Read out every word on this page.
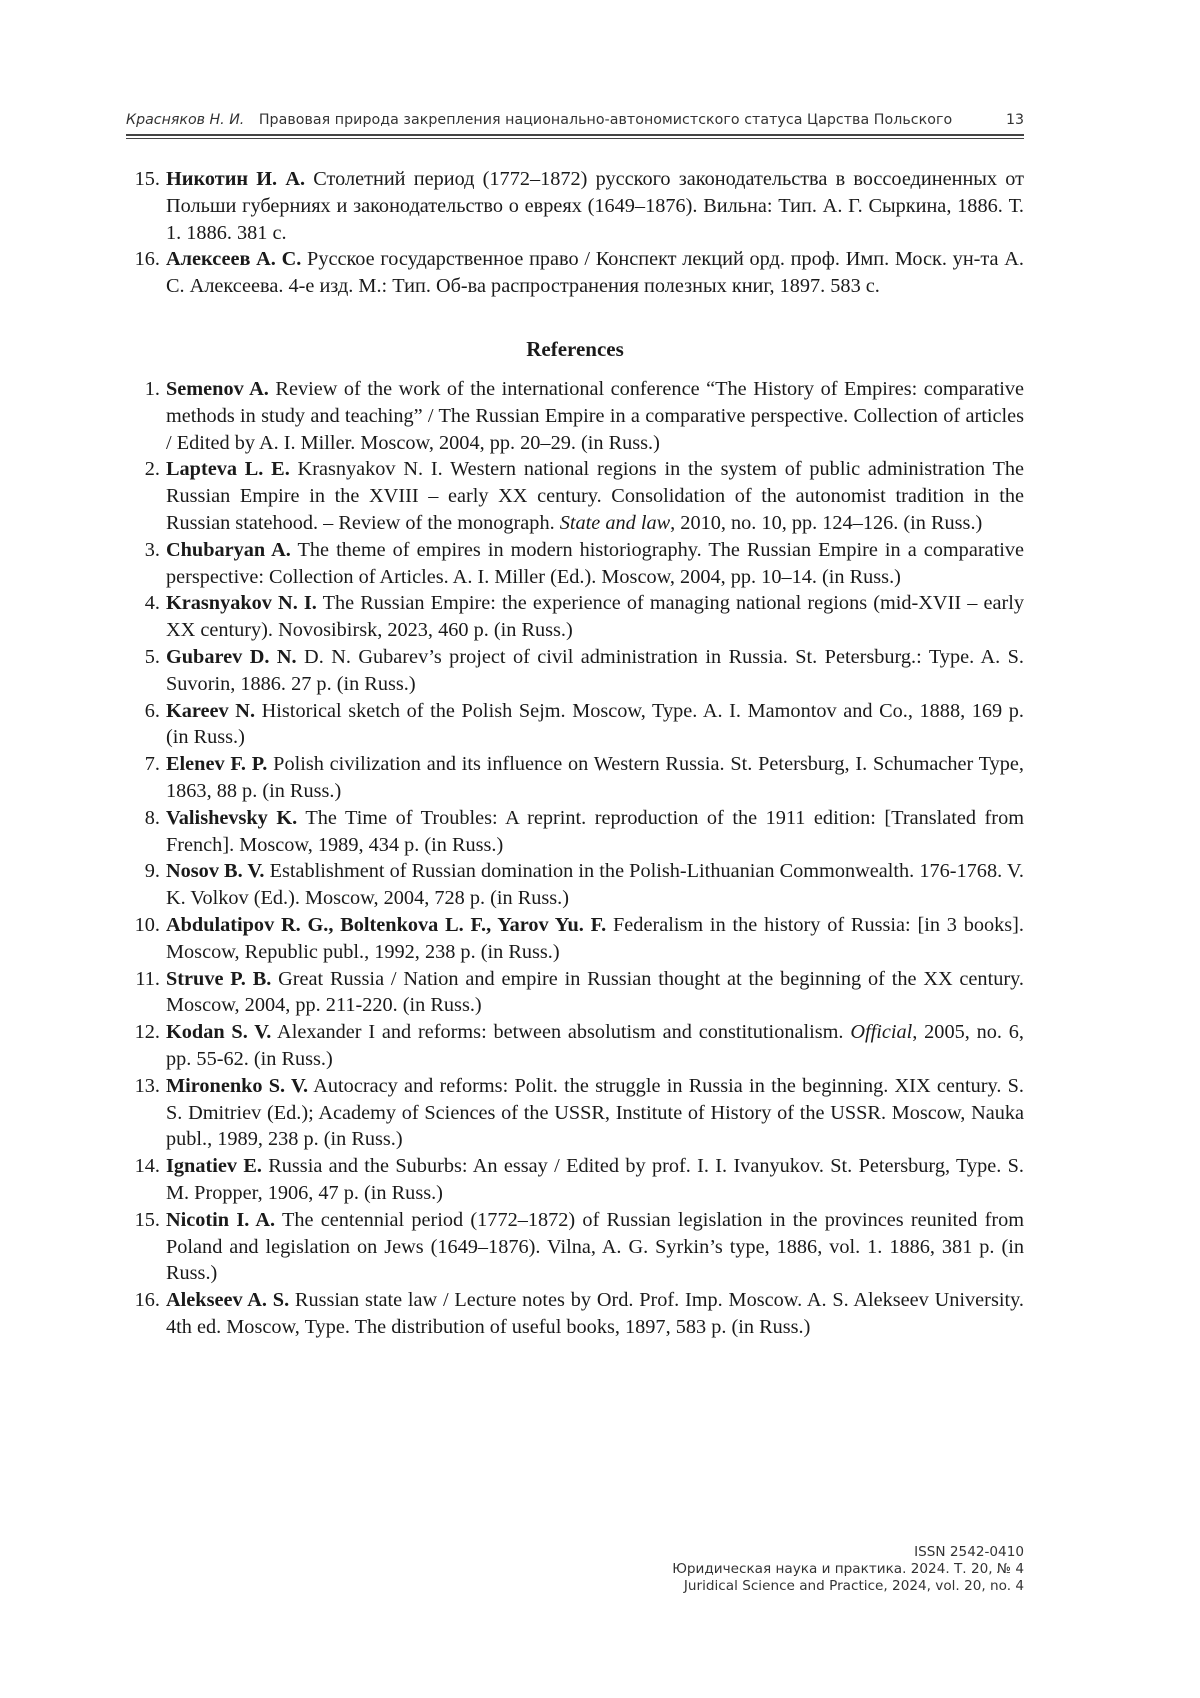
Красняков Н. И. Правовая природа закрепления национально-автономистского статуса Царства Польского	13
15. Никотин И. А. Столетний период (1772–1872) русского законодательства в воссоединенных от Польши губерниях и законодательство о евреях (1649–1876). Вильна: Тип. А. Г. Сыркина, 1886. Т. 1. 1886. 381 с.
16. Алексеев А. С. Русское государственное право / Конспект лекций орд. проф. Имп. Моск. ун-та А. С. Алексеева. 4-е изд. М.: Тип. Об-ва распространения полезных книг, 1897. 583 с.
References
1. Semenov A. Review of the work of the international conference “The History of Empires: comparative methods in study and teaching” / The Russian Empire in a comparative perspective. Collection of articles / Edited by A. I. Miller. Moscow, 2004, pp. 20–29. (in Russ.)
2. Lapteva L. E. Krasnyakov N. I. Western national regions in the system of public administration The Russian Empire in the XVIII – early XX century. Consolidation of the autonomist tradition in the Russian statehood. – Review of the monograph. State and law, 2010, no. 10, pp. 124–126. (in Russ.)
3. Chubaryan A. The theme of empires in modern historiography. The Russian Empire in a comparative perspective: Collection of Articles. A. I. Miller (Ed.). Moscow, 2004, pp. 10–14. (in Russ.)
4. Krasnyakov N. I. The Russian Empire: the experience of managing national regions (mid-XVII – early XX century). Novosibirsk, 2023, 460 p. (in Russ.)
5. Gubarev D. N. D. N. Gubarev’s project of civil administration in Russia. St. Petersburg.: Type. A. S. Suvorin, 1886. 27 p. (in Russ.)
6. Kareev N. Historical sketch of the Polish Sejm. Moscow, Type. A. I. Mamontov and Co., 1888, 169 p. (in Russ.)
7. Elenev F. P. Polish civilization and its influence on Western Russia. St. Petersburg, I. Schumacher Type, 1863, 88 p. (in Russ.)
8. Valishevsky K. The Time of Troubles: A reprint. reproduction of the 1911 edition: [Translated from French]. Moscow, 1989, 434 p. (in Russ.)
9. Nosov B. V. Establishment of Russian domination in the Polish-Lithuanian Commonwealth. 176-1768. V. K. Volkov (Ed.). Moscow, 2004, 728 p. (in Russ.)
10. Abdulatipov R. G., Boltenkova L. F., Yarov Yu. F. Federalism in the history of Russia: [in 3 books]. Moscow, Republic publ., 1992, 238 p. (in Russ.)
11. Struve P. B. Great Russia / Nation and empire in Russian thought at the beginning of the XX century. Moscow, 2004, pp. 211-220. (in Russ.)
12. Kodan S. V. Alexander I and reforms: between absolutism and constitutionalism. Official, 2005, no. 6, pp. 55-62. (in Russ.)
13. Mironenko S. V. Autocracy and reforms: Polit. the struggle in Russia in the beginning. XIX century. S. S. Dmitriev (Ed.); Academy of Sciences of the USSR, Institute of History of the USSR. Moscow, Nauka publ., 1989, 238 p. (in Russ.)
14. Ignatiev E. Russia and the Suburbs: An essay / Edited by prof. I. I. Ivanyukov. St. Petersburg, Type. S. M. Propper, 1906, 47 p. (in Russ.)
15. Nicotin I. A. The centennial period (1772–1872) of Russian legislation in the provinces reunited from Poland and legislation on Jews (1649–1876). Vilna, A. G. Syrkin’s type, 1886, vol. 1. 1886, 381 p. (in Russ.)
16. Alekseev A. S. Russian state law / Lecture notes by Ord. Prof. Imp. Moscow. A. S. Alekseev University. 4th ed. Moscow, Type. The distribution of useful books, 1897, 583 p. (in Russ.)
ISSN 2542-0410
Юридическая наука и практика. 2024. Т. 20, № 4
Juridical Science and Practice, 2024, vol. 20, no. 4
